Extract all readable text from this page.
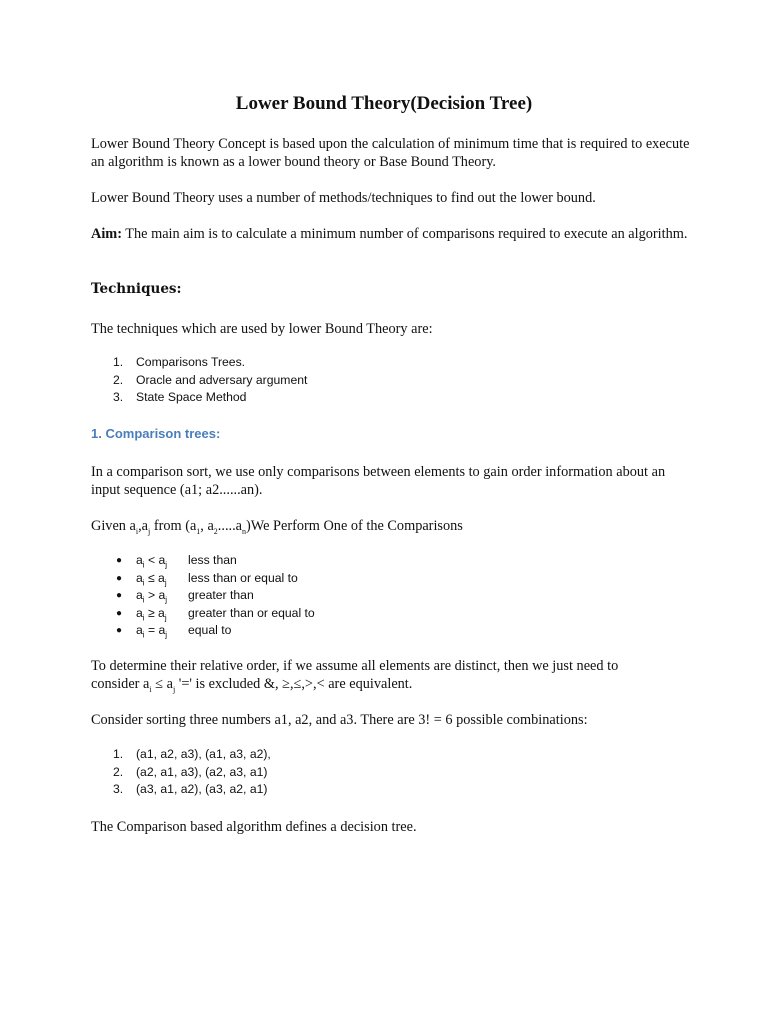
Lower Bound Theory(Decision Tree)

Lower Bound Theory Concept is based upon the calculation of minimum time that is required to execute an algorithm is known as a lower bound theory or Base Bound Theory.

Lower Bound Theory uses a number of methods/techniques to find out the lower bound.

Aim: The main aim is to calculate a minimum number of comparisons required to execute an algorithm.

Techniques:

The techniques which are used by lower Bound Theory are:

1. Comparisons Trees.
2. Oracle and adversary argument
3. State Space Method
1. Comparison trees:

In a comparison sort, we use only comparisons between elements to gain order information about an input sequence (a1; a2......an).

Given $a_i,a_j$ from ($a_1$, $a_2.....a_n)We$ Perform One of the Comparisons

● $a_i < a_j$ less than
● $a_i \le a_j$ less than or equal to
● $a_i > a_j$ greater than
● $a_i \ge a_j$ greater than or equal to
● $a_i = a_j$ equal to

To determine their relative order, if we assume all elements are distinct, then we just need to
consider $a_i \le a_j$ '=' is excluded &, ≥,≤,>,< are equivalent.

Consider sorting three numbers a1, a2, and a3. There are 3! = 6 possible combinations:

1. (a1, a2, a3), (a1, a3, a2),
2. (a2, a1, a3), (a2, a3, a1)
3. (a3, a1, a2), (a3, a2, a1)

The Comparison based algorithm defines a decision tree.
